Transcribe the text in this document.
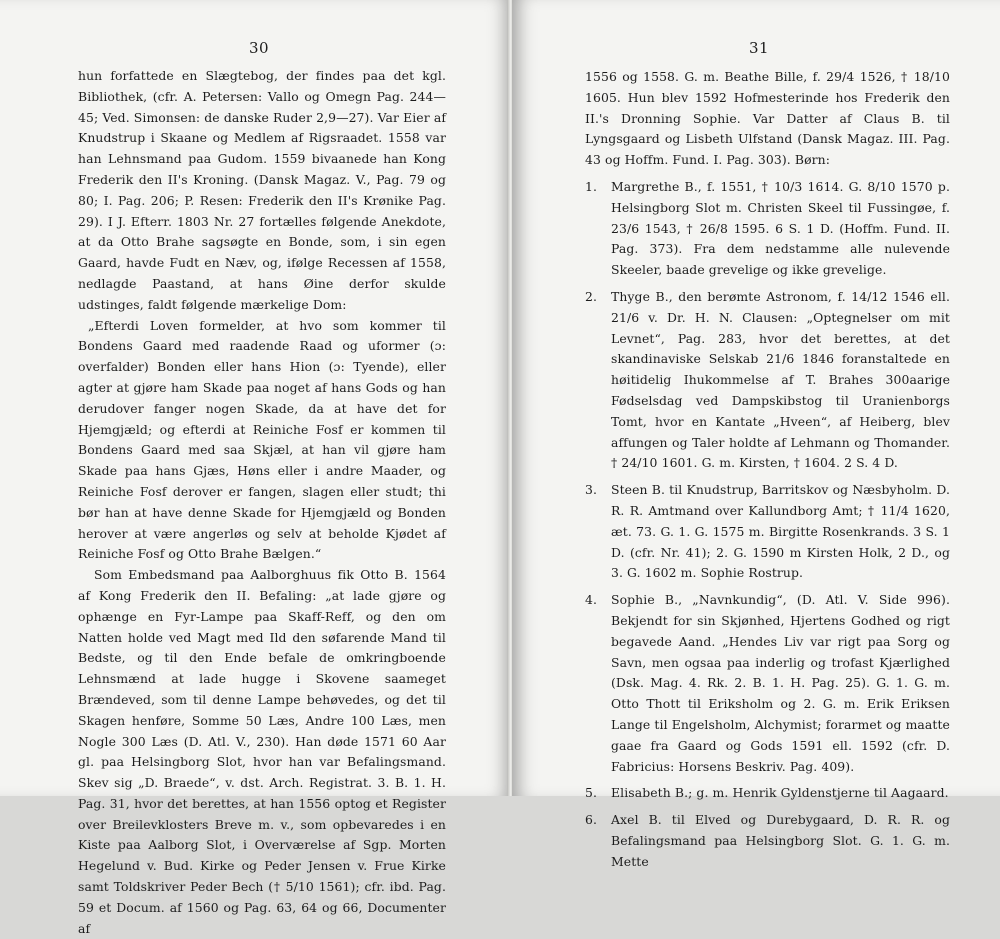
30

hun forfattede en Slægtebog, der findes paa det kgl. Bibliothek, (cfr. A. Petersen: Vallo og Omegn Pag. 244—45; Ved. Simonsen: de danske Ruder 2,9—27). Var Eier af Knudstrup i Skaane og Medlem af Rigsraadet. 1558 var han Lehnsmand paa Gudom. 1559 bivaanede han Kong Frederik den II's Kroning. (Dansk Magaz. V., Pag. 79 og 80; I. Pag. 206; P. Resen: Frederik den II's Krønike Pag. 29). I J. Efterr. 1803 Nr. 27 fortælles følgende Anekdote, at da Otto Brahe sagsøgte en Bonde, som, i sin egen Gaard, havde Fudt en Næv, og, ifølge Recessen af 1558, nedlagde Paastand, at hans Øine derfor skulde udstinges, faldt følgende mærkelige Dom:

„Efterdi Loven formelder, at hvo som kommer til Bondens Gaard med raadende Raad og uformer (ɔ: overfalder) Bonden eller hans Hion (ɔ: Tyende), eller agter at gjøre ham Skade paa noget af hans Gods og han derudover fanger nogen Skade, da at have det for Hjemgjæld; og efterdi at Reiniche Fosf er kommen til Bondens Gaard med saa Skjæl, at han vil gjøre ham Skade paa hans Gjæs, Høns eller i andre Maader, og Reiniche Fosf derover er fangen, slagen eller studt; thi bør han at have denne Skade for Hjemgjæld og Bonden herover at være angerløs og selv at beholde Kjødet af Reiniche Fosf og Otto Brahe Bælgen.“

Som Embedsmand paa Aalborghuus fik Otto B. 1564 af Kong Frederik den II. Befaling: „at lade gjøre og ophænge en Fyr-Lampe paa Skaff-Reff, og den om Natten holde ved Magt med Ild den søfarende Mand til Bedste, og til den Ende befale de omkringboende Lehnsmænd at lade hugge i Skovene saameget Brændeved, som til denne Lampe behøvedes, og det til Skagen henføre, Somme 50 Læs, Andre 100 Læs, men Nogle 300 Læs (D. Atl. V., 230). Han døde 1571 60 Aar gl. paa Helsingborg Slot, hvor han var Befalingsmand. Skev sig „D. Braede“, v. dst. Arch. Registrat. 3. B. 1. H. Pag. 31, hvor det berettes, at han 1556 optog et Register over Breilevklosters Breve m. v., som opbevaredes i en Kiste paa Aalborg Slot, i Overværelse af Sgp. Morten Hegelund v. Bud. Kirke og Peder Jensen v. Frue Kirke samt Toldskriver Peder Bech († 5/10 1561); cfr. ibd. Pag. 59 et Docum. af 1560 og Pag. 63, 64 og 66, Documenter af

31

1556 og 1558. G. m. Beathe Bille, f. 29/4 1526, † 18/10 1605. Hun blev 1592 Hofmesterinde hos Frederik den II.'s Dronning Sophie. Var Datter af Claus B. til Lyngsgaard og Lisbeth Ulfstand (Dansk Magaz. III. Pag. 43 og Hoffm. Fund. I. Pag. 303). Børn:

1. Margrethe B., f. 1551, † 10/3 1614. G. 8/10 1570 p. Helsingborg Slot m. Christen Skeel til Fussingøe, f. 23/6 1543, † 26/8 1595. 6 S. 1 D. (Hoffm. Fund. II. Pag. 373). Fra dem nedstamme alle nulevende Skeeler, baade grevelige og ikke grevelige.
2. Thyge B., den berømte Astronom, f. 14/12 1546 ell. 21/6 v. Dr. H. N. Clausen: „Optegnelser om mit Levnet“, Pag. 283, hvor det berettes, at det skandinaviske Selskab 21/6 1846 foranstaltede en høitidelig Ihukommelse af T. Brahes 300aarige Fødselsdag ved Dampskibstog til Uranienborgs Tomt, hvor en Kantate „Hveen“, af Heiberg, blev affungen og Taler holdte af Lehmann og Thomander. † 24/10 1601. G. m. Kirsten, † 1604. 2 S. 4 D.
3. Steen B. til Knudstrup, Barritskov og Næsbyholm. D. R. R. Amtmand over Kallundborg Amt; † 11/4 1620, æt. 73. G. 1. G. 1575 m. Birgitte Rosenkrands. 3 S. 1 D. (cfr. Nr. 41); 2. G. 1590 m Kirsten Holk, 2 D., og 3. G. 1602 m. Sophie Rostrup.
4. Sophie B., „Navnkundig“, (D. Atl. V. Side 996). Bekjendt for sin Skjønhed, Hjertens Godhed og rigt begavede Aand. „Hendes Liv var rigt paa Sorg og Savn, men ogsaa paa inderlig og trofast Kjærlighed (Dsk. Mag. 4. Rk. 2. B. 1. H. Pag. 25). G. 1. G. m. Otto Thott til Eriksholm og 2. G. m. Erik Eriksen Lange til Engelsholm, Alchymist; forarmet og maatte gaae fra Gaard og Gods 1591 ell. 1592 (cfr. D. Fabricius: Horsens Beskriv. Pag. 409).
5. Elisabeth B.; g. m. Henrik Gyldenstjerne til Aagaard.
6. Axel B. til Elved og Durebygaard, D. R. R. og Befalingsmand paa Helsingborg Slot. G. 1. G. m. Mette
